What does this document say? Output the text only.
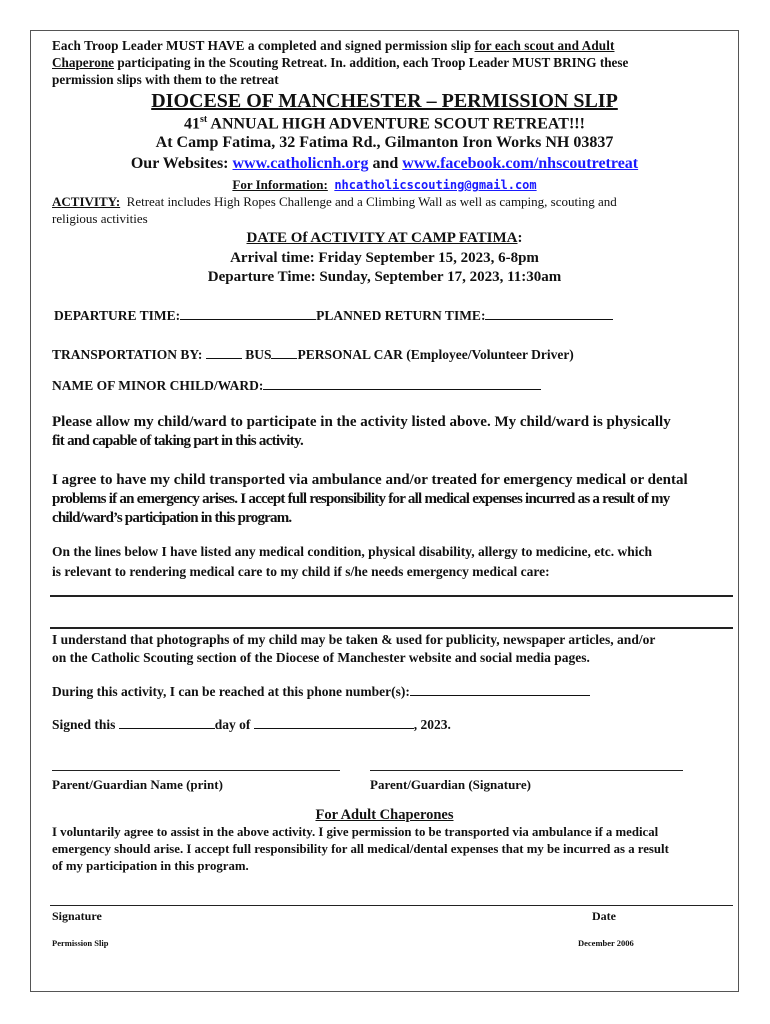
Each Troop Leader MUST HAVE a completed and signed permission slip for each scout and Adult
Chaperone participating in the Scouting Retreat. In. addition, each Troop Leader MUST BRING these
permission slips with them to the retreat
DIOCESE OF MANCHESTER – PERMISSION SLIP
41st ANNUAL HIGH ADVENTURE SCOUT RETREAT!!!
At Camp Fatima, 32 Fatima Rd., Gilmanton Iron Works NH 03837
Our Websites: www.catholicnh.org and www.facebook.com/nhscoutretreat
For Information: nhcatholicscouting@gmail.com
ACTIVITY: Retreat includes High Ropes Challenge and a Climbing Wall as well as camping, scouting and
religious activities
DATE Of ACTIVITY AT CAMP FATIMA:
Arrival time: Friday September 15, 2023, 6-8pm
Departure Time: Sunday, September 17, 2023, 11:30am
DEPARTURE TIME:	PLANNED RETURN TIME:
TRANSPORTATION BY:	BUS PERSONAL CAR (Employee/Volunteer Driver)
NAME OF MINOR CHILD/WARD:
Please allow my child/ward to participate in the activity listed above. My child/ward is physically
fit and capable of taking part in this activity.
I agree to have my child transported via ambulance and/or treated for emergency medical or dental
problems if an emergency arises. I accept full responsibility for all medical expenses incurred as a result of my
child/ward’s participation in this program.
On the lines below I have listed any medical condition, physical disability, allergy to medicine, etc. which
is relevant to rendering medical care to my child if s/he needs emergency medical care:
I understand that photographs of my child may be taken & used for publicity, newspaper articles, and/or
on the Catholic Scouting section of the Diocese of Manchester website and social media pages.
During this activity, I can be reached at this phone number(s):
Signed this	day of	, 2023.
Parent/Guardian Name (print)	Parent/Guardian (Signature)
For Adult Chaperones
I voluntarily agree to assist in the above activity. I give permission to be transported via ambulance if a medical
emergency should arise. I accept full responsibility for all medical/dental expenses that my be incurred as a result
of my participation in this program.
Signature	Date
Permission Slip	December 2006
